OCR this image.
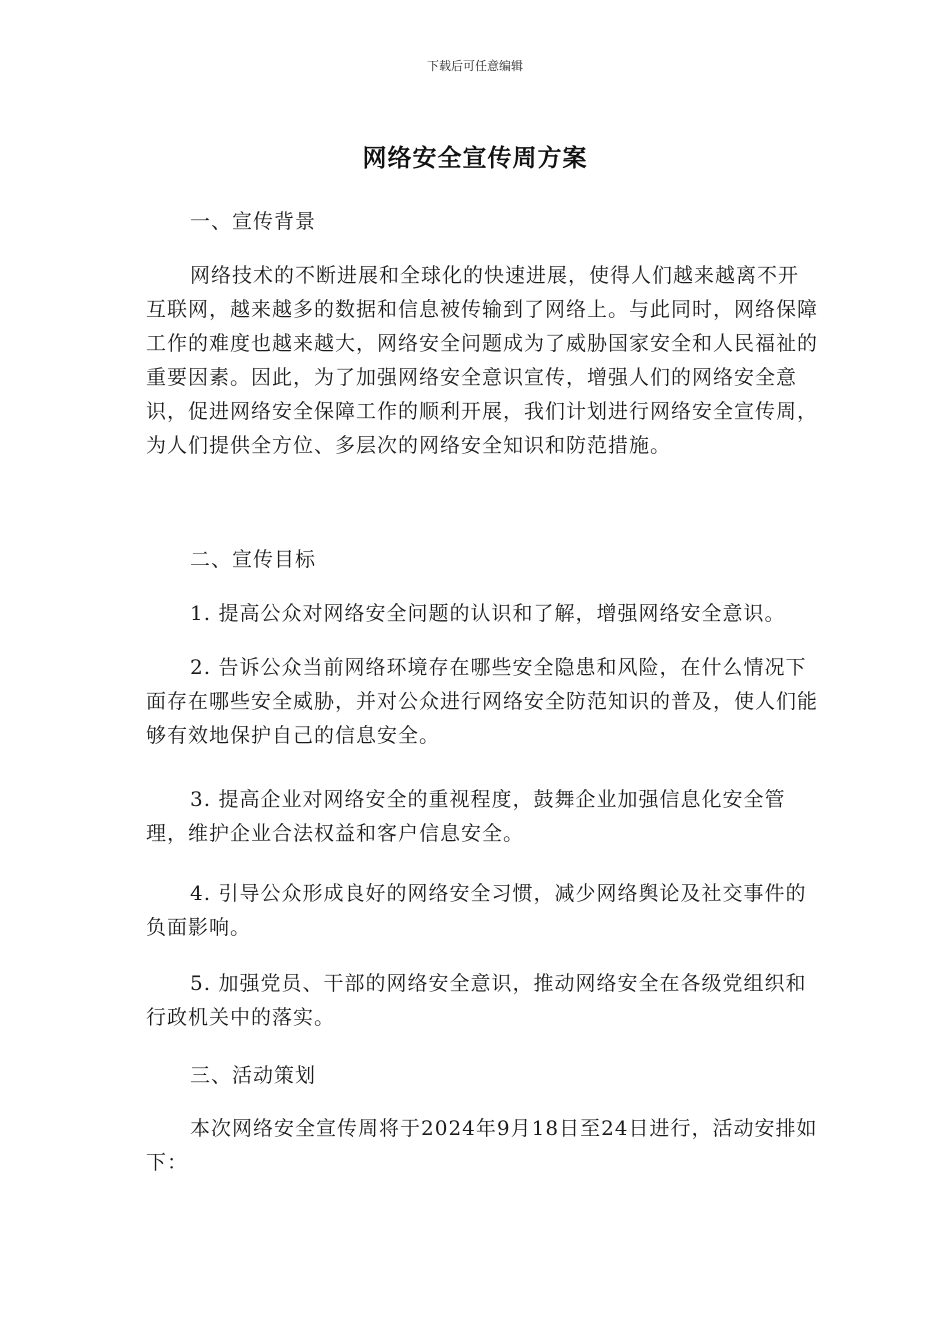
下载后可任意编辑
网络安全宣传周方案
一、宣传背景

网络技术的不断进展和全球化的快速进展，使得人们越来越离不开互联网，越来越多的数据和信息被传输到了网络上。与此同时，网络保障工作的难度也越来越大，网络安全问题成为了威胁国家安全和人民福祉的重要因素。因此，为了加强网络安全意识宣传，增强人们的网络安全意识，促进网络安全保障工作的顺利开展，我们计划进行网络安全宣传周，为人们提供全方位、多层次的网络安全知识和防范措施。

二、宣传目标

1. 提高公众对网络安全问题的认识和了解，增强网络安全意识。

2. 告诉公众当前网络环境存在哪些安全隐患和风险，在什么情况下面存在哪些安全威胁，并对公众进行网络安全防范知识的普及，使人们能够有效地保护自己的信息安全。

3. 提高企业对网络安全的重视程度，鼓舞企业加强信息化安全管理，维护企业合法权益和客户信息安全。

4. 引导公众形成良好的网络安全习惯，减少网络舆论及社交事件的负面影响。

5. 加强党员、干部的网络安全意识，推动网络安全在各级党组织和行政机关中的落实。

三、活动策划

本次网络安全宣传周将于2024年9月18日至24日进行，活动安排如下：
